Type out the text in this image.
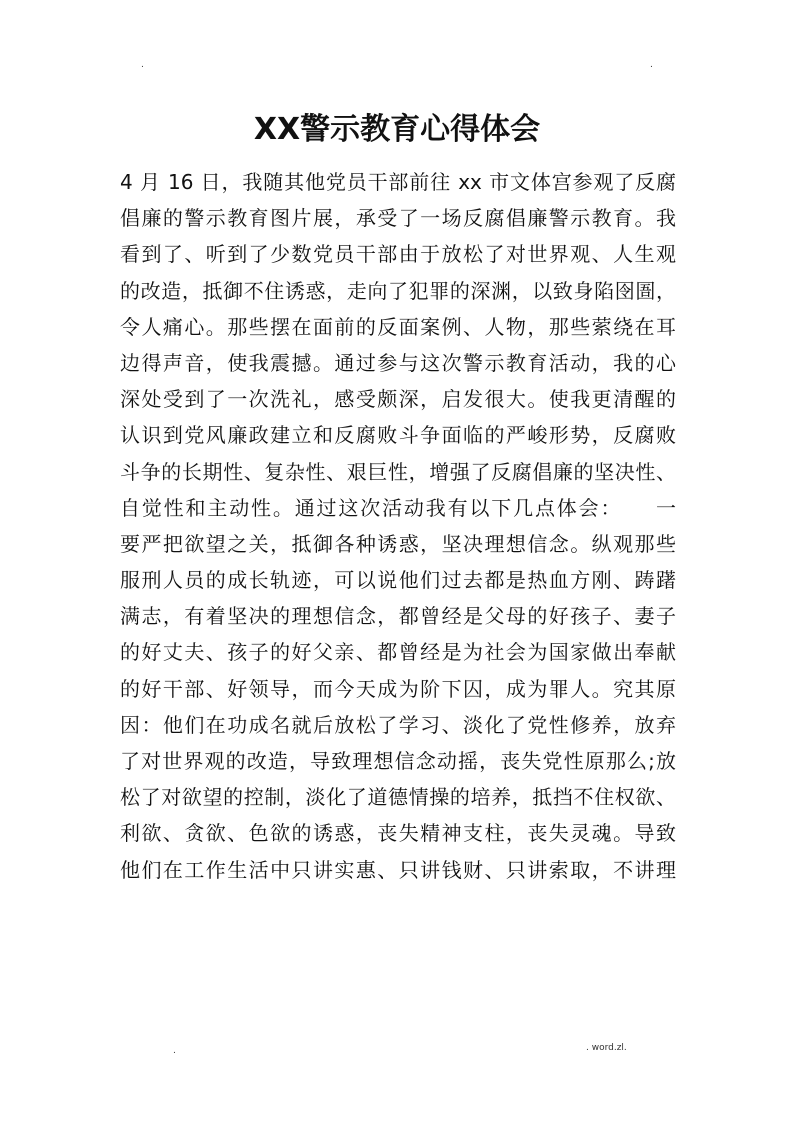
.	.
XX警示教育心得体会
4 月 16 日，我随其他党员干部前往 xx 市文体宫参观了反腐
倡廉的警示教育图片展，承受了一场反腐倡廉警示教育。我
看到了、听到了少数党员干部由于放松了对世界观、人生观
的改造，抵御不住诱惑，走向了犯罪的深渊，以致身陷囹圄，
令人痛心。那些摆在面前的反面案例、人物，那些萦绕在耳
边得声音，使我震撼。通过参与这次警示教育活动，我的心
深处受到了一次洗礼，感受颇深，启发很大。使我更清醒的
认识到党风廉政建立和反腐败斗争面临的严峻形势，反腐败
斗争的长期性、复杂性、艰巨性，增强了反腐倡廉的坚决性、
自觉性和主动性。通过这次活动我有以下几点体会：　　一
要严把欲望之关，抵御各种诱惑，坚决理想信念。纵观那些
服刑人员的成长轨迹，可以说他们过去都是热血方刚、踌躇
满志，有着坚决的理想信念，都曾经是父母的好孩子、妻子
的好丈夫、孩子的好父亲、都曾经是为社会为国家做出奉献
的好干部、好领导，而今天成为阶下囚，成为罪人。究其原
因：他们在功成名就后放松了学习、淡化了党性修养，放弃
了对世界观的改造，导致理想信念动摇，丧失党性原那么;放
松了对欲望的控制，淡化了道德情操的培养，抵挡不住权欲、
利欲、贪欲、色欲的诱惑，丧失精神支柱，丧失灵魂。导致
他们在工作生活中只讲实惠、只讲钱财、只讲索取，不讲理
.	. word.zl.
